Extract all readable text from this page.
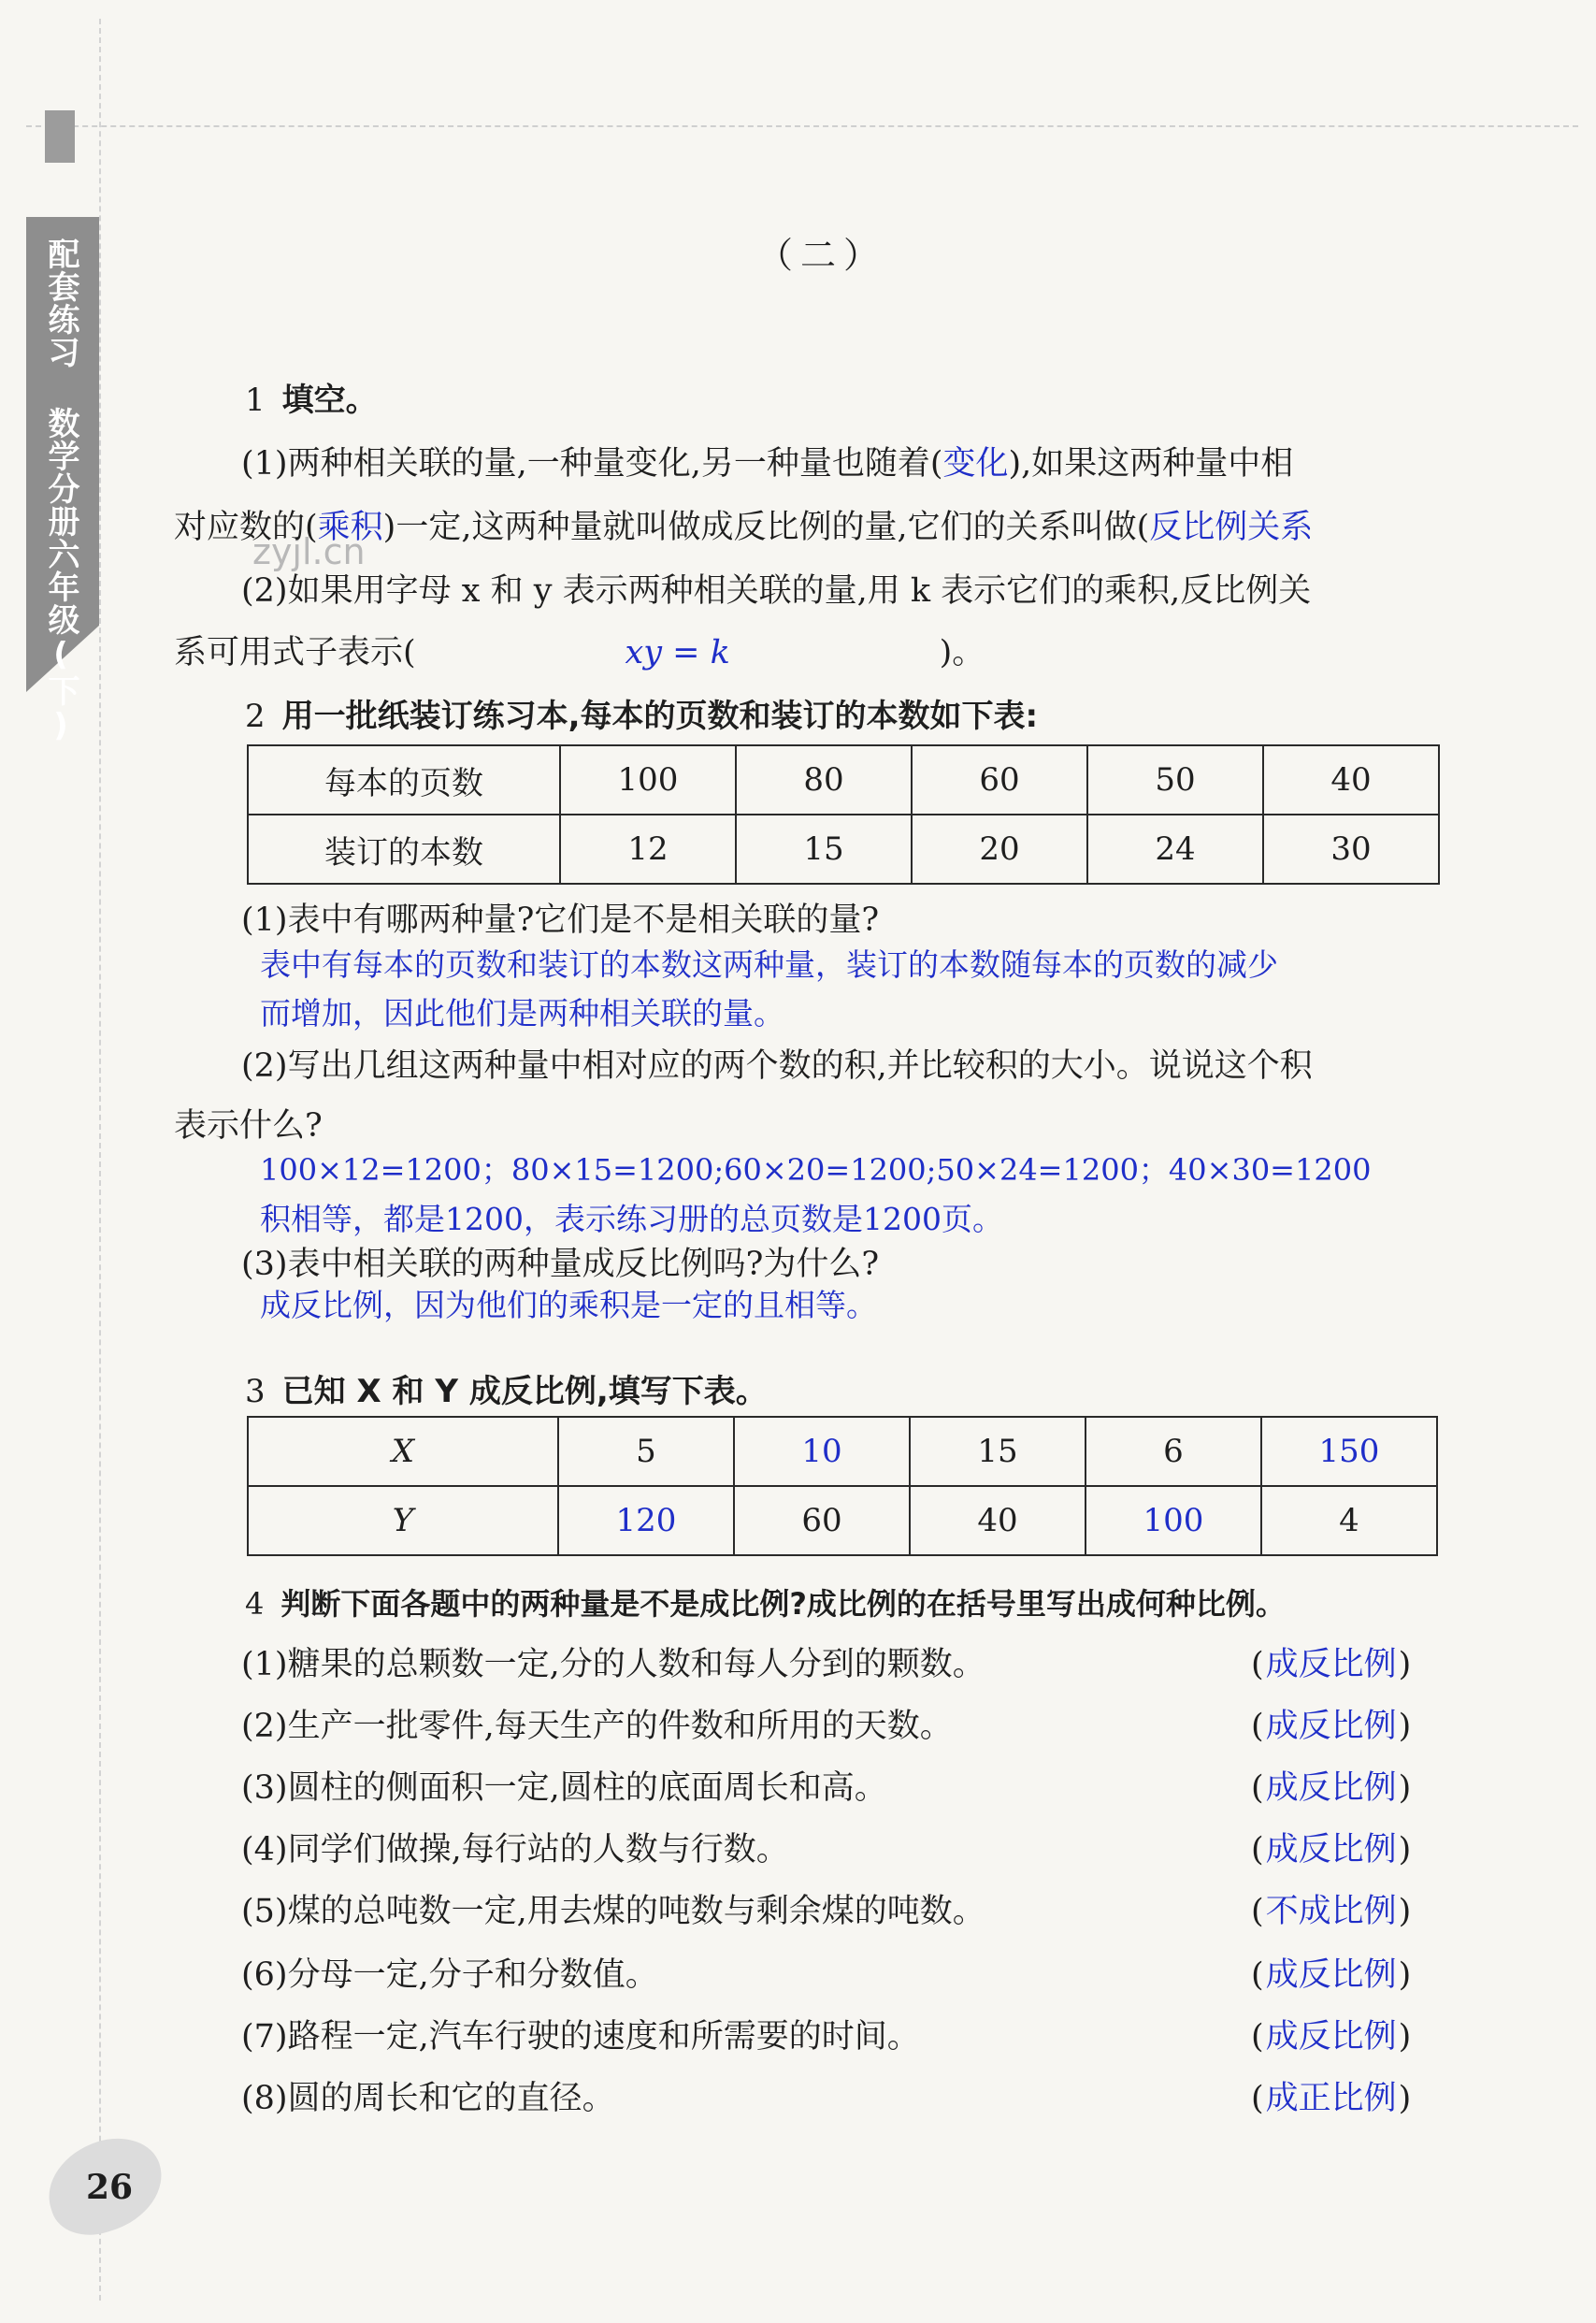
配套练习 数学分册六年级(下)	zyjl.cn
（二）
1 填空。
(1)两种相关联的量,一种量变化,另一种量也随着(变化),如果这两种量中相
对应数的(乘积)一定,这两种量就叫做成反比例的量,它们的关系叫做(反比例关系
(2)如果用字母 x 和 y 表示两种相关联的量,用 k 表示它们的乘积,反比例关
系可用式子表示(	xy = k	)。
2 用一批纸装订练习本,每本的页数和装订的本数如下表:
每本的页数	100	80	60	50	40
装订的本数	12	15	20	24	30
(1)表中有哪两种量?它们是不是相关联的量?
表中有每本的页数和装订的本数这两种量，装订的本数随每本的页数的减少
而增加，因此他们是两种相关联的量。
(2)写出几组这两种量中相对应的两个数的积,并比较积的大小。说说这个积
表示什么?
100×12=1200；80×15=1200;60×20=1200;50×24=1200；40×30=1200
积相等，都是1200，表示练习册的总页数是1200页。
(3)表中相关联的两种量成反比例吗?为什么?
成反比例，因为他们的乘积是一定的且相等。
3 已知 X 和 Y 成反比例,填写下表。
X	5	10	15	6	150
Y	120	60	40	100	4
4 判断下面各题中的两种量是不是成比例?成比例的在括号里写出成何种比例。
(1)糖果的总颗数一定,分的人数和每人分到的颗数。	(成反比例)
(2)生产一批零件,每天生产的件数和所用的天数。	(成反比例)
(3)圆柱的侧面积一定,圆柱的底面周长和高。	(成反比例)
(4)同学们做操,每行站的人数与行数。	(成反比例)
(5)煤的总吨数一定,用去煤的吨数与剩余煤的吨数。	(不成比例)
(6)分母一定,分子和分数值。	(成反比例)
(7)路程一定,汽车行驶的速度和所需要的时间。	(成反比例)
(8)圆的周长和它的直径。	(成正比例)
26
